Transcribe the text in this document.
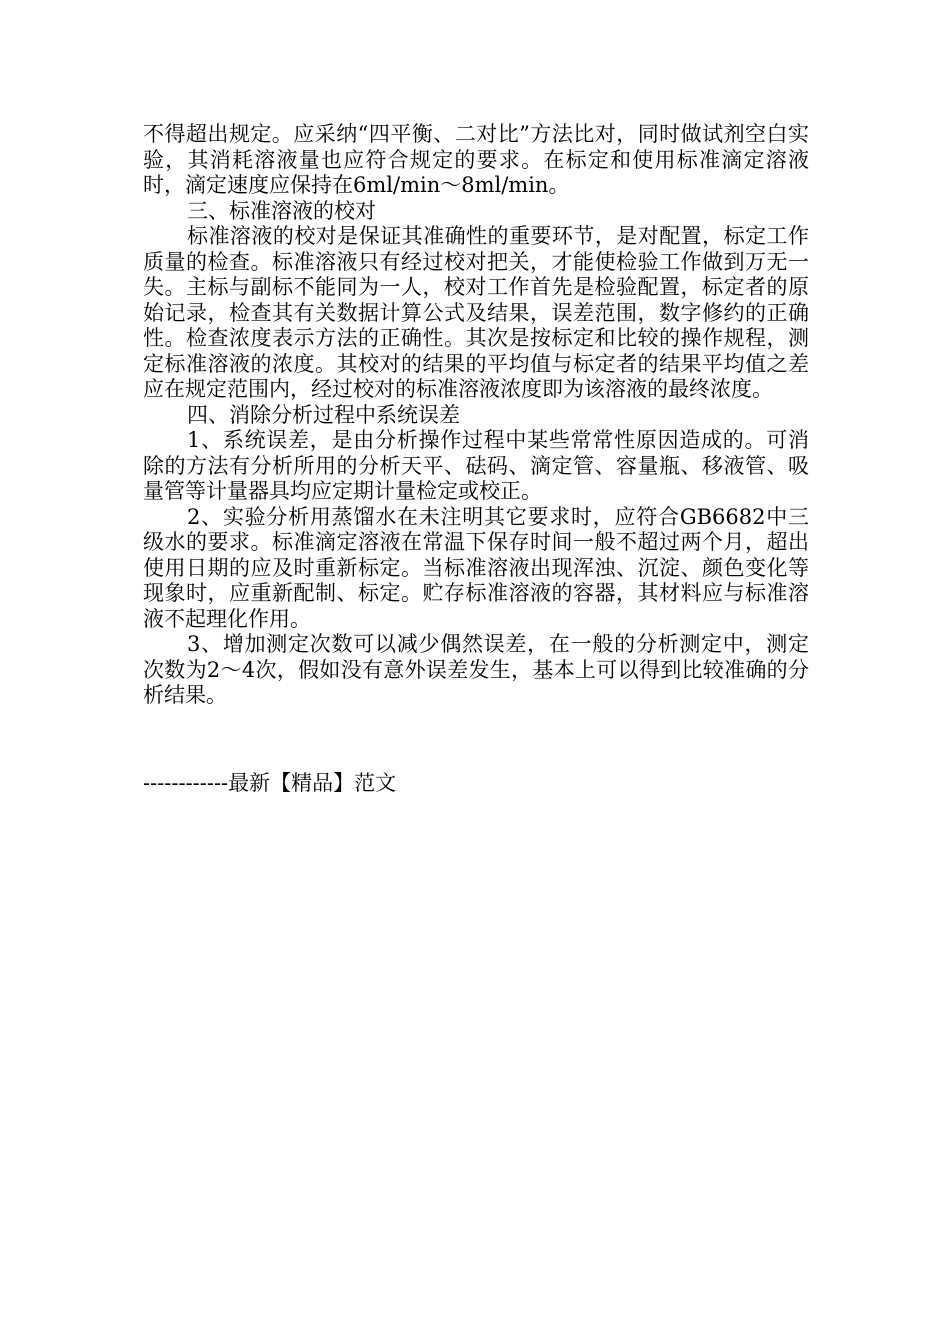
不得超出规定。应采纳“四平衡、二对比”方法比对，同时做试剂空白实验，其消耗溶液量也应符合规定的要求。在标定和使用标准滴定溶液时，滴定速度应保持在6ml/min～8ml/min。

三、标准溶液的校对

标准溶液的校对是保证其准确性的重要环节，是对配置，标定工作质量的检查。标准溶液只有经过校对把关，才能使检验工作做到万无一失。主标与副标不能同为一人，校对工作首先是检验配置，标定者的原始记录，检查其有关数据计算公式及结果，误差范围，数字修约的正确性。检查浓度表示方法的正确性。其次是按标定和比较的操作规程，测定标准溶液的浓度。其校对的结果的平均值与标定者的结果平均值之差应在规定范围内，经过校对的标准溶液浓度即为该溶液的最终浓度。

四、消除分析过程中系统误差

1、系统误差，是由分析操作过程中某些常常性原因造成的。可消除的方法有分析所用的分析天平、砝码、滴定管、容量瓶、移液管、吸量管等计量器具均应定期计量检定或校正。

2、实验分析用蒸馏水在未注明其它要求时，应符合GB6682中三级水的要求。标准滴定溶液在常温下保存时间一般不超过两个月，超出使用日期的应及时重新标定。当标准溶液出现浑浊、沉淀、颜色变化等现象时，应重新配制、标定。贮存标准溶液的容器，其材料应与标准溶液不起理化作用。

3、增加测定次数可以减少偶然误差，在一般的分析测定中，测定次数为2～4次，假如没有意外误差发生，基本上可以得到比较准确的分析结果。

------------最新【精品】范文
